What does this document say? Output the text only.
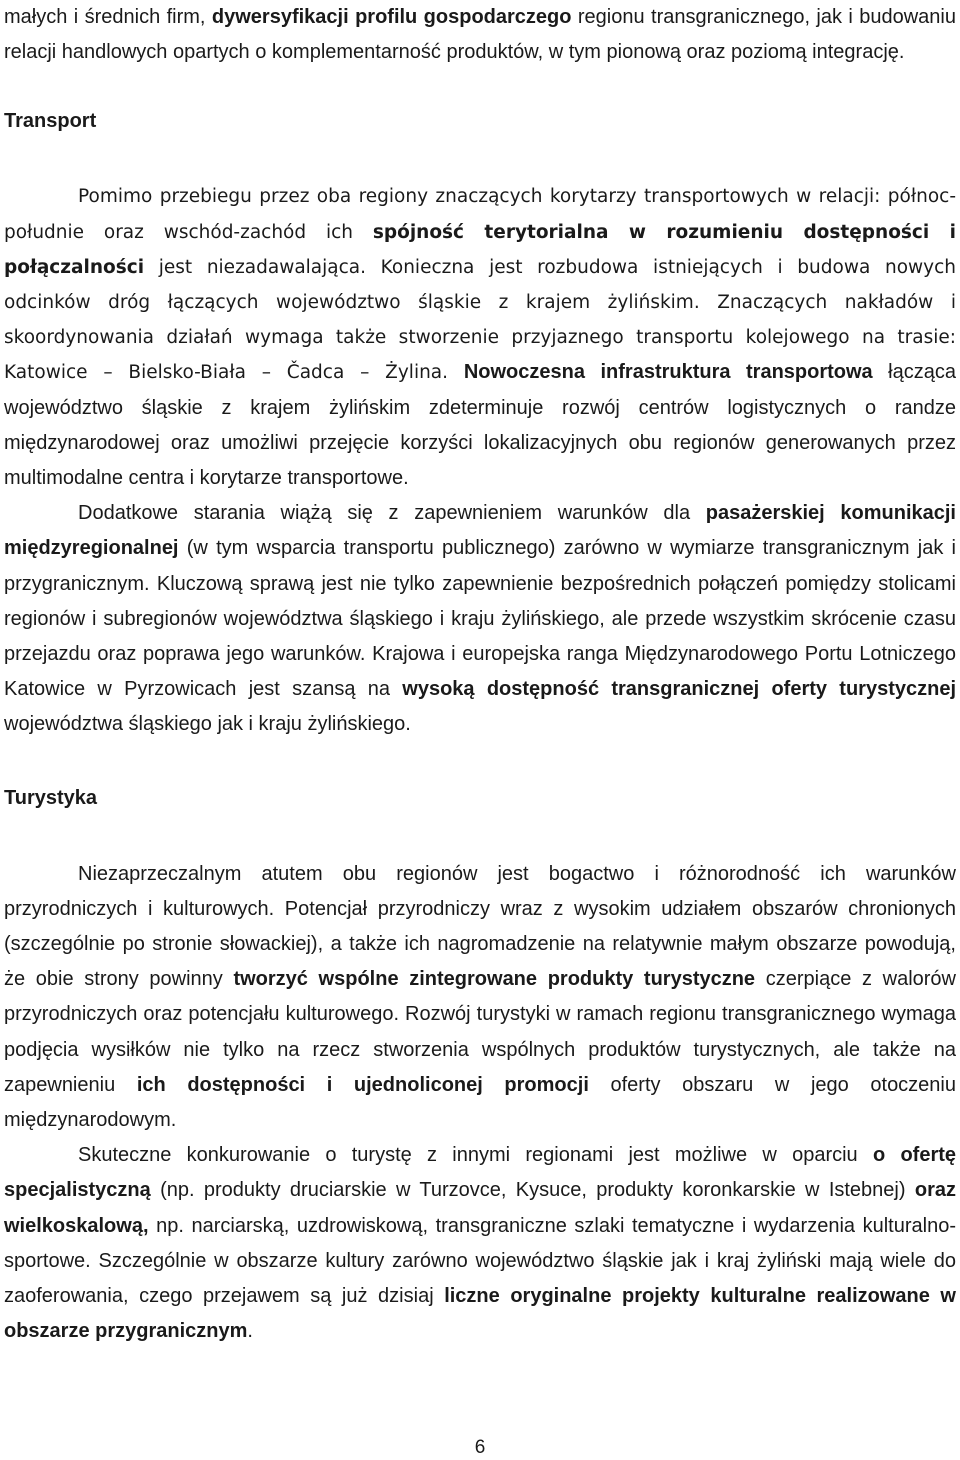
małych i średnich firm, dywersyfikacji profilu gospodarczego regionu transgranicznego, jak i budowaniu relacji handlowych opartych o komplementarność produktów, w tym pionową oraz poziomą integrację.

Transport

Pomimo przebiegu przez oba regiony znaczących korytarzy transportowych w relacji: północ-południe oraz wschód-zachód ich spójność terytorialna w rozumieniu dostępności i połączalności jest niezadawalająca. Konieczna jest rozbudowa istniejących i budowa nowych odcinków dróg łączących województwo śląskie z krajem żylińskim. Znaczących nakładów i skoordynowania działań wymaga także stworzenie przyjaznego transportu kolejowego na trasie: Katowice – Bielsko-Biała – Čadca – Żylina. Nowoczesna infrastruktura transportowa łącząca województwo śląskie z krajem żylińskim zdeterminuje rozwój centrów logistycznych o randze międzynarodowej oraz umożliwi przejęcie korzyści lokalizacyjnych obu regionów generowanych przez multimodalne centra i korytarze transportowe.

Dodatkowe starania wiążą się z zapewnieniem warunków dla pasażerskiej komunikacji międzyregionalnej (w tym wsparcia transportu publicznego) zarówno w wymiarze transgranicznym jak i przygranicznym. Kluczową sprawą jest nie tylko zapewnienie bezpośrednich połączeń pomiędzy stolicami regionów i subregionów województwa śląskiego i kraju żylińskiego, ale przede wszystkim skrócenie czasu przejazdu oraz poprawa jego warunków. Krajowa i europejska ranga Międzynarodowego Portu Lotniczego Katowice w Pyrzowicach jest szansą na wysoką dostępność transgranicznej oferty turystycznej województwa śląskiego jak i kraju żylińskiego.

Turystyka

Niezaprzeczalnym atutem obu regionów jest bogactwo i różnorodność ich warunków przyrodniczych i kulturowych. Potencjał przyrodniczy wraz z wysokim udziałem obszarów chronionych (szczególnie po stronie słowackiej), a także ich nagromadzenie na relatywnie małym obszarze powodują, że obie strony powinny tworzyć wspólne zintegrowane produkty turystyczne czerpiące z walorów przyrodniczych oraz potencjału kulturowego. Rozwój turystyki w ramach regionu transgranicznego wymaga podjęcia wysiłków nie tylko na rzecz stworzenia wspólnych produktów turystycznych, ale także na zapewnieniu ich dostępności i ujednoliconej promocji oferty obszaru w jego otoczeniu międzynarodowym.

Skuteczne konkurowanie o turystę z innymi regionami jest możliwe w oparciu o ofertę specjalistyczną (np. produkty druciarskie w Turzovce, Kysuce, produkty koronkarskie w Istebnej) oraz wielkoskalową, np. narciarską, uzdrowiskową, transgraniczne szlaki tematyczne i wydarzenia kulturalno-sportowe. Szczególnie w obszarze kultury zarówno województwo śląskie jak i kraj żyliński mają wiele do zaoferowania, czego przejawem są już dzisiaj liczne oryginalne projekty kulturalne realizowane w obszarze przygranicznym.

6
